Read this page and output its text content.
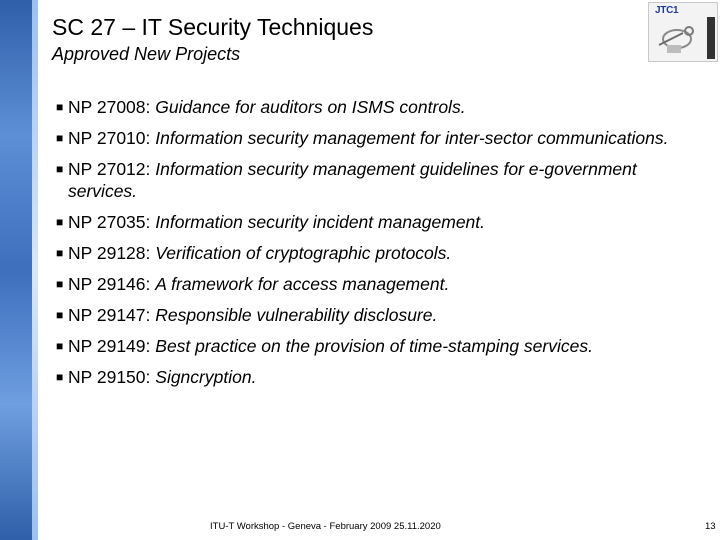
SC 27 – IT Security Techniques
Approved New Projects
JTC1
■ NP 27008: Guidance for auditors on ISMS controls.
■ NP 27010: Information security management for inter-sector communications.
■ NP 27012: Information security management guidelines for e-government services.
■ NP 27035: Information security incident management.
■ NP 29128: Verification of cryptographic protocols.
■ NP 29146: A framework for access management.
■ NP 29147: Responsible vulnerability disclosure.
■ NP 29149: Best practice on the provision of time-stamping services.
■ NP 29150: Signcryption.
ITU-T Workshop - Geneva - February 2009 25.11.2020	13
